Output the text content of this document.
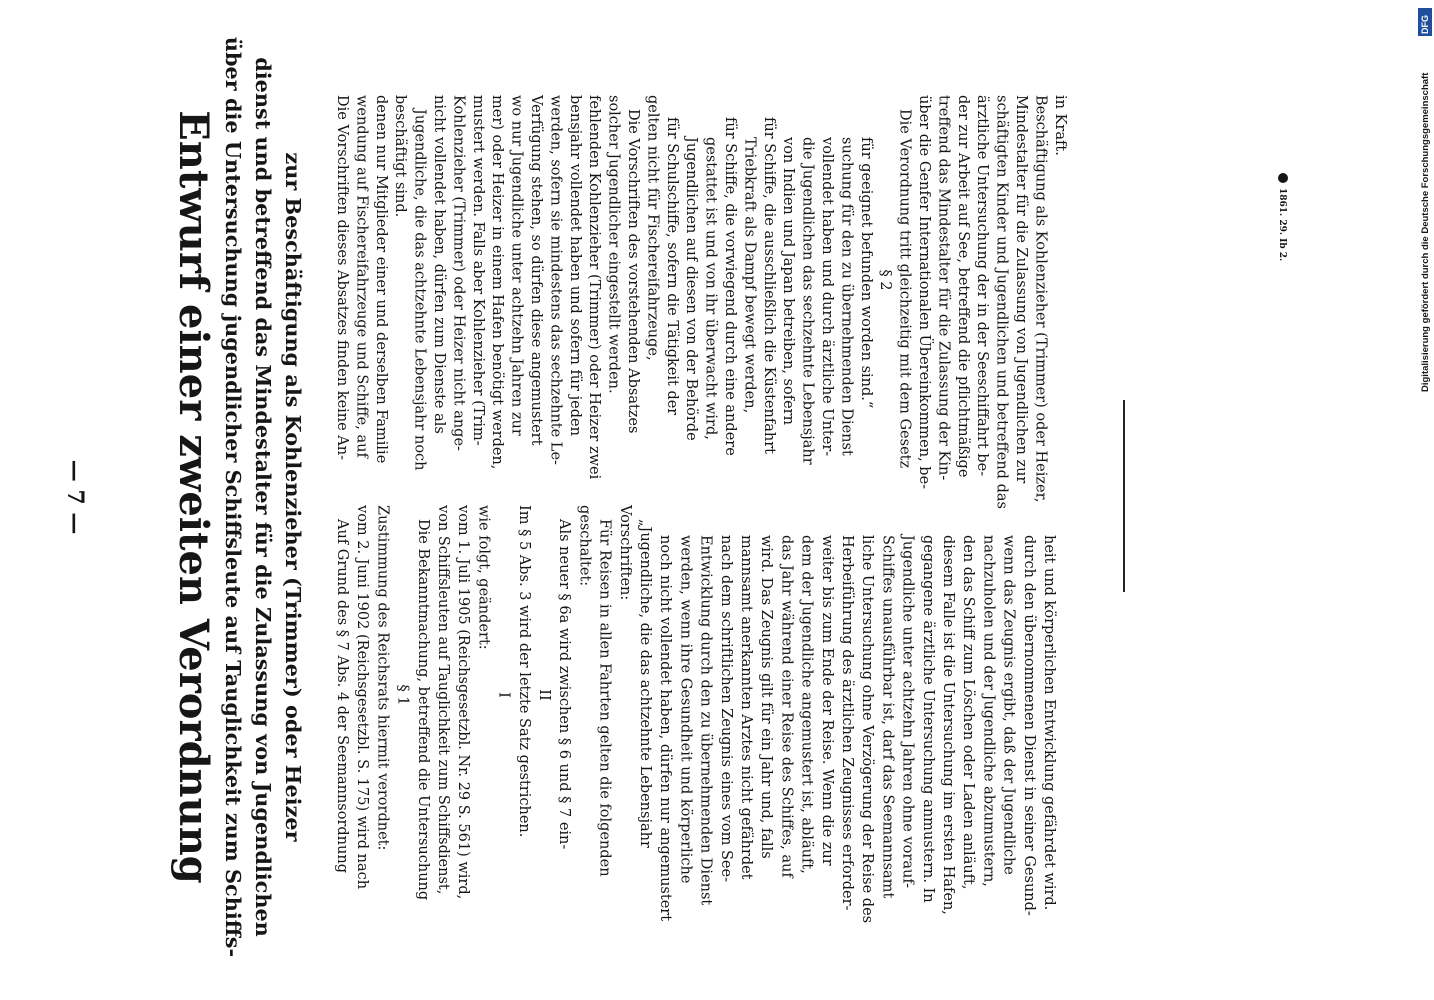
— 7 — Entwurf einer zweiten Verordnung über die Untersuchung jugendlicher Schiffsleute auf Tauglichkeit zum Schiffs- dienst und betreffend das Mindestalter für die Zulassung von Jugendlichen zur Beschäftigung als Kohlenzieher (Trimmer) oder Heizer Auf Grund des § 7 Abs. 4 der Seemannsordnung vom 2. Juni 1902 (Reichsgesetzbl. S. 175) wird nach Zustimmung des Reichsrats hiermit verordnet: § 1 Die Bekanntmachung, betreffend die Untersuchung von Schiffsleuten auf Tauglichkeit zum Schiffsdienst, vom 1. Juli 1905 (Reichsgesetzbl. Nr. 29 S. 561) wird, wie folgt, geändert:
I Im § 5 Abs. 3 wird der letzte Satz gestrichen. II Als neuer § 6a wird zwischen § 6 und § 7 ein- geschaltet: Für Reisen in allen Fahrten gelten die folgenden Vorschriften: „Jugendliche, die das achtzehnte Lebensjahr noch nicht vollendet haben, dürfen nur angemustert werden, wenn ihre Gesundheit und körperliche Entwicklung durch den zu übernehmenden Dienst nach dem schriftlichen Zeugnis eines vom See- mannsamt anerkannten Arztes nicht gefährdet wird. Das Zeugnis gilt für ein Jahr und, falls das Jahr während einer Reise des Schiffes, auf dem der Jugendliche angemustert ist, abläuft, weiter bis zum Ende der Reise. Wenn die zur Herbeiführung des ärztlichen Zeugnisses erforder- liche Untersuchung ohne Verzögerung der Reise des Schiffes unausführbar ist, darf das Seemannsamt Jugendliche unter achtzehn Jahren ohne vorauf- gegangene ärztliche Untersuchung anmustern. In diesem Falle ist die Untersuchung im ersten Hafen, den das Schiff zum Löschen oder Laden anläuft, nachzuholen und der Jugendliche abzumustern, wenn das Zeugnis ergibt, daß der Jugendliche durch den übernommenen Dienst in seiner Gesund- heit und körperlichen Entwicklung gefährdet wird.
Die Vorschriften dieses Absatzes finden keine An- wendung auf Fischereifahrzeuge und Schiffe, auf denen nur Mitglieder einer und derselben Familie beschäftigt sind. Jugendliche, die das achtzehnte Lebensjahr noch nicht vollendet haben, dürfen zum Dienste als Kohlenzieher (Trimmer) oder Heizer nicht ange- mustert werden. Falls aber Kohlenzieher (Trim- mer) oder Heizer in einem Hafen benötigt werden, wo nur Jugendliche unter achtzehn Jahren zur Verfügung stehen, so dürfen diese angemustert werden, sofern sie mindestens das sechzehnte Le- bensjahr vollendet haben und sofern für jeden fehlenden Kohlenzieher (Trimmer) oder Heizer zwei solcher Jugendlicher eingestellt werden. Die Vorschriften des vorstehenden Absatzes gelten nicht für Fischereifahrzeuge, für Schulschiffe, sofern die Tätigkeit der Jugendlichen auf diesen von der Behörde gestattet ist und von ihr überwacht wird, für Schiffe, die vorwiegend durch eine andere Triebkraft als Dampf bewegt werden, für Schiffe, die ausschließlich die Küstenfahrt von Indien und Japan betreiben, sofern die Jugendlichen das sechzehnte Lebensjahr vollendet haben und durch ärztliche Unter- suchung für den zu übernehmenden Dienst für geeignet befunden worden sind.“ § 2 Die Verordnung tritt gleichzeitig mit dem Gesetz über die Genfer Internationalen Übereinkommen, be- treffend das Mindestalter für die Zulassung der Kin- der zur Arbeit auf See, betreffend die pflichtmäßige ärztliche Untersuchung der in der Seeschiffahrt be- schäftigten Kinder und Jugendlichen und betreffend das Mindestalter für die Zulassung von Jugendlichen zur Beschäftigung als Kohlenzieher (Trimmer) oder Heizer, in Kraft.
1861. 29. Ib 2.
DFG
Digitalisierung gefördert durch die Deutsche Forschungsgemeinschaft
